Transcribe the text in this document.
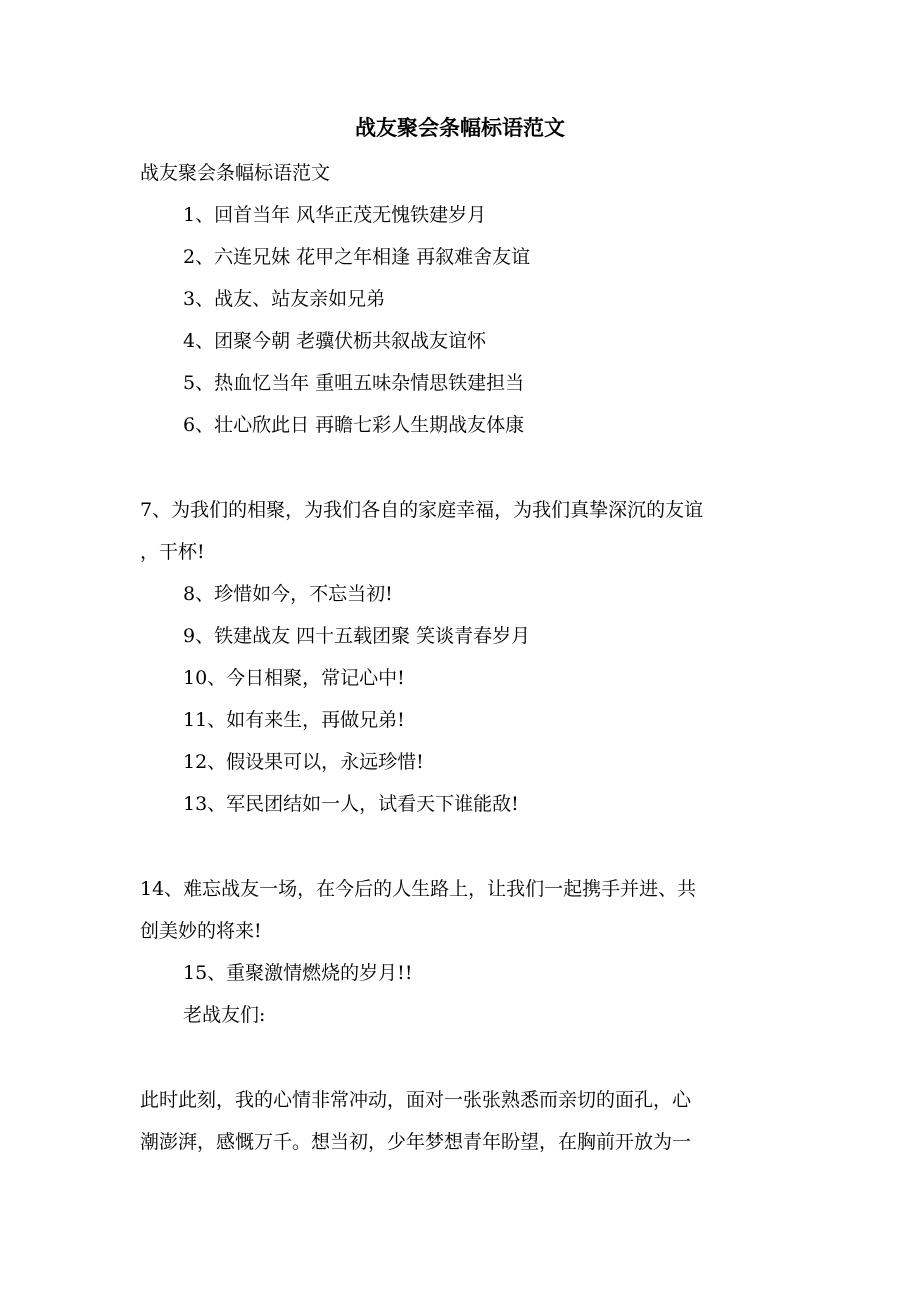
战友聚会条幅标语范文
战友聚会条幅标语范文
1、回首当年 风华正茂无愧铁建岁月
2、六连兄妹 花甲之年相逢 再叙难舍友谊
3、战友、站友亲如兄弟
4、团聚今朝 老骥伏枥共叙战友谊怀
5、热血忆当年 重咀五味杂情思铁建担当
6、壮心欣此日 再瞻七彩人生期战友体康
7、为我们的相聚，为我们各自的家庭幸福，为我们真挚深沉的友谊
，干杯!
8、珍惜如今，不忘当初!
9、铁建战友 四十五载团聚 笑谈青春岁月
10、今日相聚，常记心中!
11、如有来生，再做兄弟!
12、假设果可以，永远珍惜!
13、军民团结如一人，试看天下谁能敌!
14、难忘战友一场，在今后的人生路上，让我们一起携手并进、共
创美妙的将来!
15、重聚激情燃烧的岁月!!
老战友们:
此时此刻，我的心情非常冲动，面对一张张熟悉而亲切的面孔，心
潮澎湃，感慨万千。想当初，少年梦想青年盼望，在胸前开放为一
